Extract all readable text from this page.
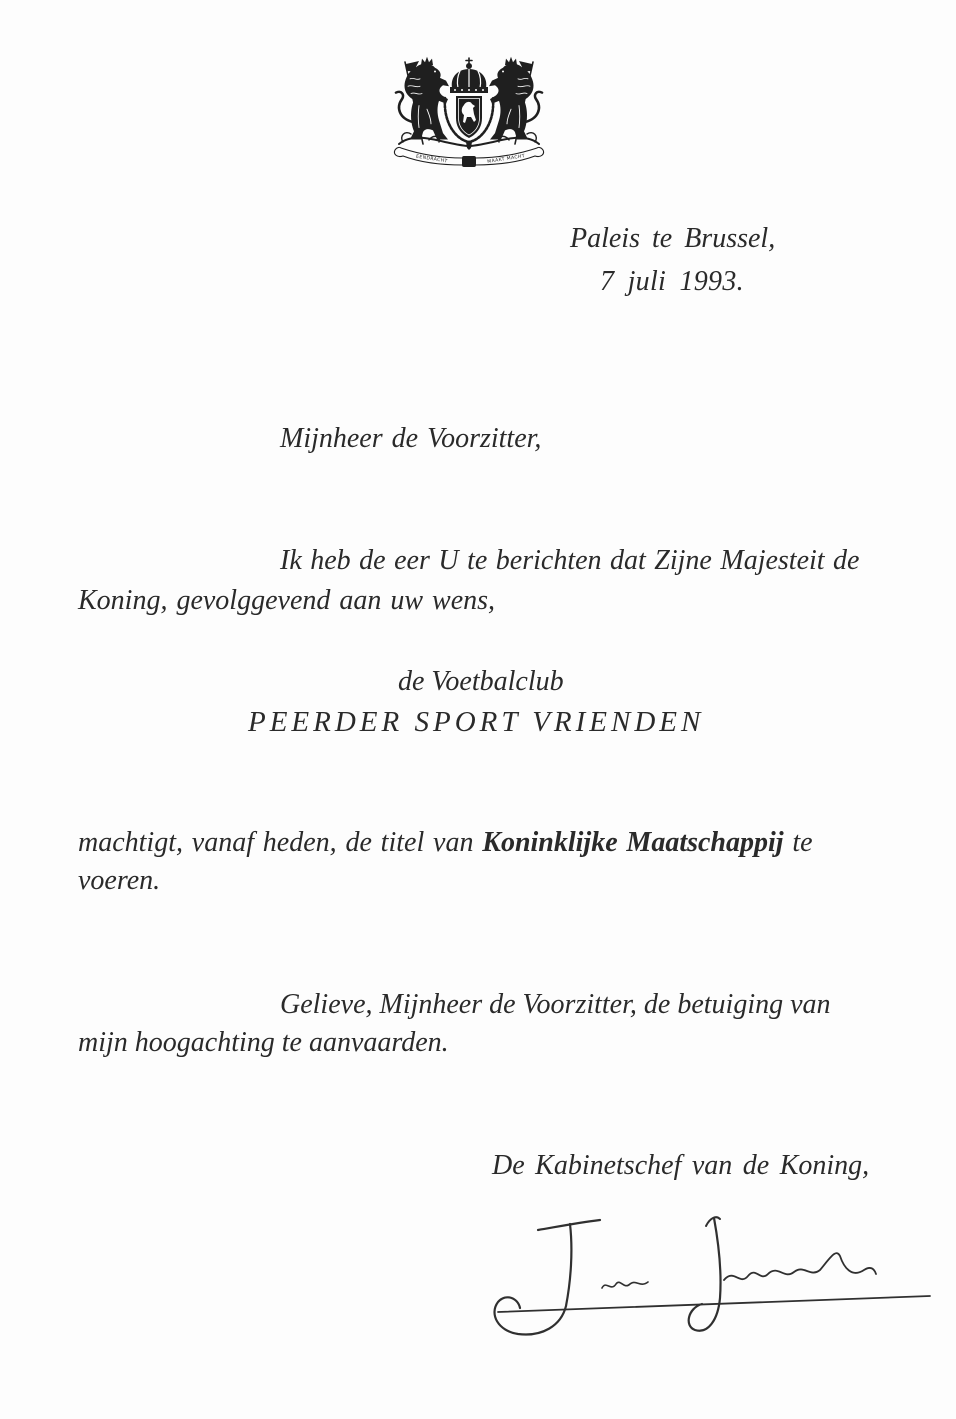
EENDRACHT	MAAKT MACHT
Paleis te Brussel,
7 juli 1993.
Mijnheer de Voorzitter,
Ik heb de eer U te berichten dat Zijne Majesteit de
Koning, gevolggevend aan uw wens,
de Voetbalclub
PEERDER SPORT VRIENDEN
machtigt, vanaf heden, de titel van Koninklijke Maatschappij te
voeren.
Gelieve, Mijnheer de Voorzitter, de betuiging van
mijn hoogachting te aanvaarden.
De Kabinetschef van de Koning,
